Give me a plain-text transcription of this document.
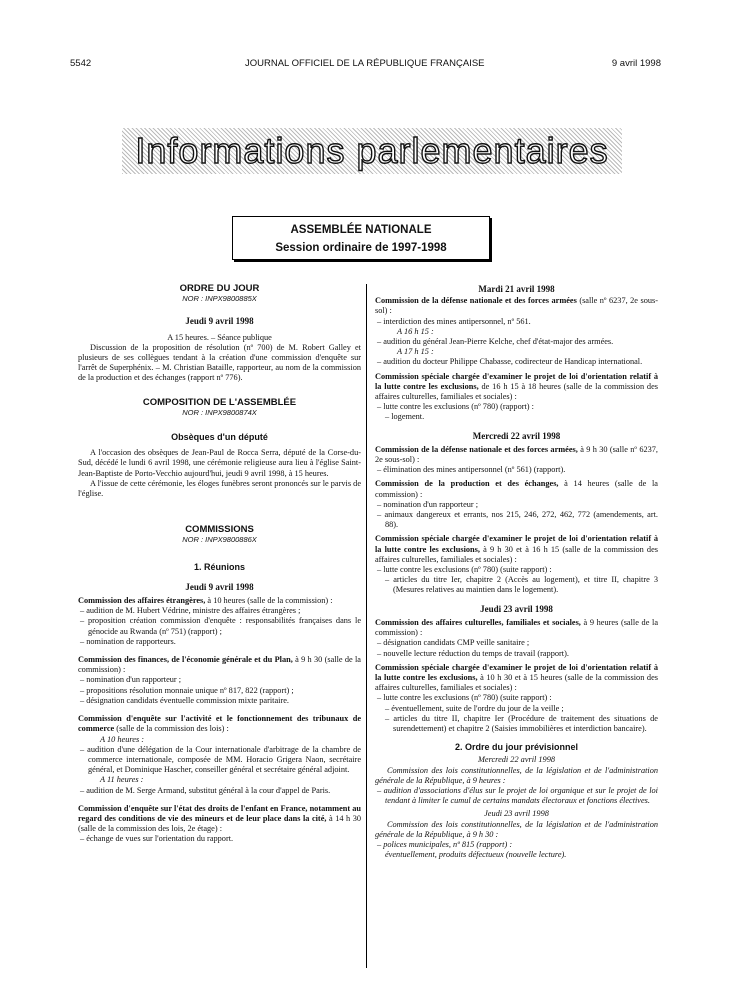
5542	JOURNAL OFFICIEL DE LA RÉPUBLIQUE FRANÇAISE	9 avril 1998
Informations parlementaires
ASSEMBLÉE NATIONALE
Session ordinaire de 1997-1998
ORDRE DU JOUR
NOR : INPX9800885X
Jeudi 9 avril 1998

A 15 heures. – Séance publique

Discussion de la proposition de résolution (nº 700) de M. Robert Galley et plusieurs de ses collègues tendant à la création d'une commission d'enquête sur l'arrêt de Superphénix. – M. Christian Bataille, rapporteur, au nom de la commission de la production et des échanges (rapport nº 776).

COMPOSITION DE L'ASSEMBLÉE
NOR : INPX9800874X
Obsèques d'un député

A l'occasion des obsèques de Jean-Paul de Rocca Serra, député de la Corse-du-Sud, décédé le lundi 6 avril 1998, une cérémonie religieuse aura lieu à l'église Saint-Jean-Baptiste de Porto-Vecchio aujourd'hui, jeudi 9 avril 1998, à 15 heures.

A l'issue de cette cérémonie, les éloges funèbres seront prononcés sur le parvis de l'église.

COMMISSIONS
NOR : INPX9800886X
1. Réunions
Jeudi 9 avril 1998

Commission des affaires étrangères, à 10 heures (salle de la commission) :

– audition de M. Hubert Védrine, ministre des affaires étrangères ;

– proposition création commission d'enquête : responsabilités françaises dans le génocide au Rwanda (nº 751) (rapport) ;

– nomination de rapporteurs.

Commission des finances, de l'économie générale et du Plan, à 9 h 30 (salle de la commission) :

– nomination d'un rapporteur ;

– propositions résolution monnaie unique nº 817, 822 (rapport) ;

– désignation candidats éventuelle commission mixte paritaire.

Commission d'enquête sur l'activité et le fonctionnement des tribunaux de commerce (salle de la commission des lois) :

A 10 heures :

– audition d'une délégation de la Cour internationale d'arbitrage de la chambre de commerce internationale, composée de MM. Horacio Grigera Naon, secrétaire général, et Dominique Hascher, conseiller général et secrétaire général adjoint.

A 11 heures :

– audition de M. Serge Armand, substitut général à la cour d'appel de Paris.

Commission d'enquête sur l'état des droits de l'enfant en France, notamment au regard des conditions de vie des mineurs et de leur place dans la cité, à 14 h 30 (salle de la commission des lois, 2e étage) :

– échange de vues sur l'orientation du rapport.

Mardi 21 avril 1998

Commission de la défense nationale et des forces armées (salle nº 6237, 2e sous-sol) :

– interdiction des mines antipersonnel, nº 561.

A 16 h 15 :

– audition du général Jean-Pierre Kelche, chef d'état-major des armées.

A 17 h 15 :

– audition du docteur Philippe Chabasse, codirecteur de Handicap international.

Commission spéciale chargée d'examiner le projet de loi d'orientation relatif à la lutte contre les exclusions, de 16 h 15 à 18 heures (salle de la commission des affaires culturelles, familiales et sociales) :

– lutte contre les exclusions (nº 780) (rapport) :

– logement.

Mercredi 22 avril 1998

Commission de la défense nationale et des forces armées, à 9 h 30 (salle nº 6237, 2e sous-sol) :

– élimination des mines antipersonnel (nº 561) (rapport).

Commission de la production et des échanges, à 14 heures (salle de la commission) :

– nomination d'un rapporteur ;

– animaux dangereux et errants, nos 215, 246, 272, 462, 772 (amendements, art. 88).

Commission spéciale chargée d'examiner le projet de loi d'orientation relatif à la lutte contre les exclusions, à 9 h 30 et à 16 h 15 (salle de la commission des affaires culturelles, familiales et sociales) :

– lutte contre les exclusions (nº 780) (suite rapport) :

– articles du titre Ier, chapitre 2 (Accès au logement), et titre II, chapitre 3 (Mesures relatives au maintien dans le logement).

Jeudi 23 avril 1998

Commission des affaires culturelles, familiales et sociales, à 9 heures (salle de la commission) :

– désignation candidats CMP veille sanitaire ;

– nouvelle lecture réduction du temps de travail (rapport).

Commission spéciale chargée d'examiner le projet de loi d'orientation relatif à la lutte contre les exclusions, à 10 h 30 et à 15 heures (salle de la commission des affaires culturelles, familiales et sociales) :

– lutte contre les exclusions (nº 780) (suite rapport) :

– éventuellement, suite de l'ordre du jour de la veille ;

– articles du titre II, chapitre Ier (Procédure de traitement des situations de surendettement) et chapitre 2 (Saisies immobilières et interdiction bancaire).

2. Ordre du jour prévisionnel
Mercredi 22 avril 1998

Commission des lois constitutionnelles, de la législation et de l'administration générale de la République, à 9 heures :

– audition d'associations d'élus sur le projet de loi organique et sur le projet de loi tendant à limiter le cumul de certains mandats électoraux et fonctions électives.

Jeudi 23 avril 1998

Commission des lois constitutionnelles, de la législation et de l'administration générale de la République, à 9 h 30 :

– polices municipales, nº 815 (rapport) :

éventuellement, produits défectueux (nouvelle lecture).
